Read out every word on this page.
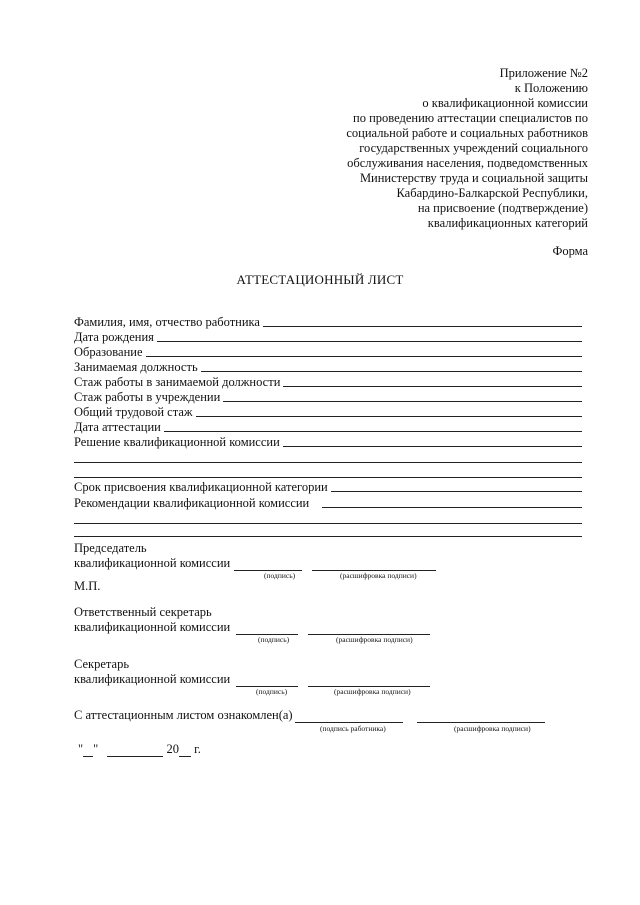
Приложение №2
к Положению
о квалификационной комиссии
по проведению аттестации специалистов по
социальной работе и социальных работников
государственных учреждений социального
обслуживания населения, подведомственных
Министерству труда и социальной защиты
Кабардино-Балкарской Республики,
на присвоение (подтверждение)
квалификационных категорий
Форма
АТТЕСТАЦИОННЫЙ ЛИСТ
Фамилия, имя, отчество работника
Дата рождения
Образование
Занимаемая должность
Стаж работы в занимаемой должности
Стаж работы в учреждении
Общий трудовой стаж
Дата аттестации
Решение квалификационной комиссии
Срок присвоения квалификационной категории
Рекомендации квалификационной комиссии
Председатель
квалификационной комиссии
(подпись)	(расшифровка подписи)
М.П.
Ответственный секретарь
квалификационной комиссии
(подпись)	(расшифровка подписи)
Секретарь
квалификационной комиссии
(подпись)	(расшифровка подписи)
С аттестационным листом ознакомлен(а)
(подпись работника)	(расшифровка подписи)
" "	20 г.
